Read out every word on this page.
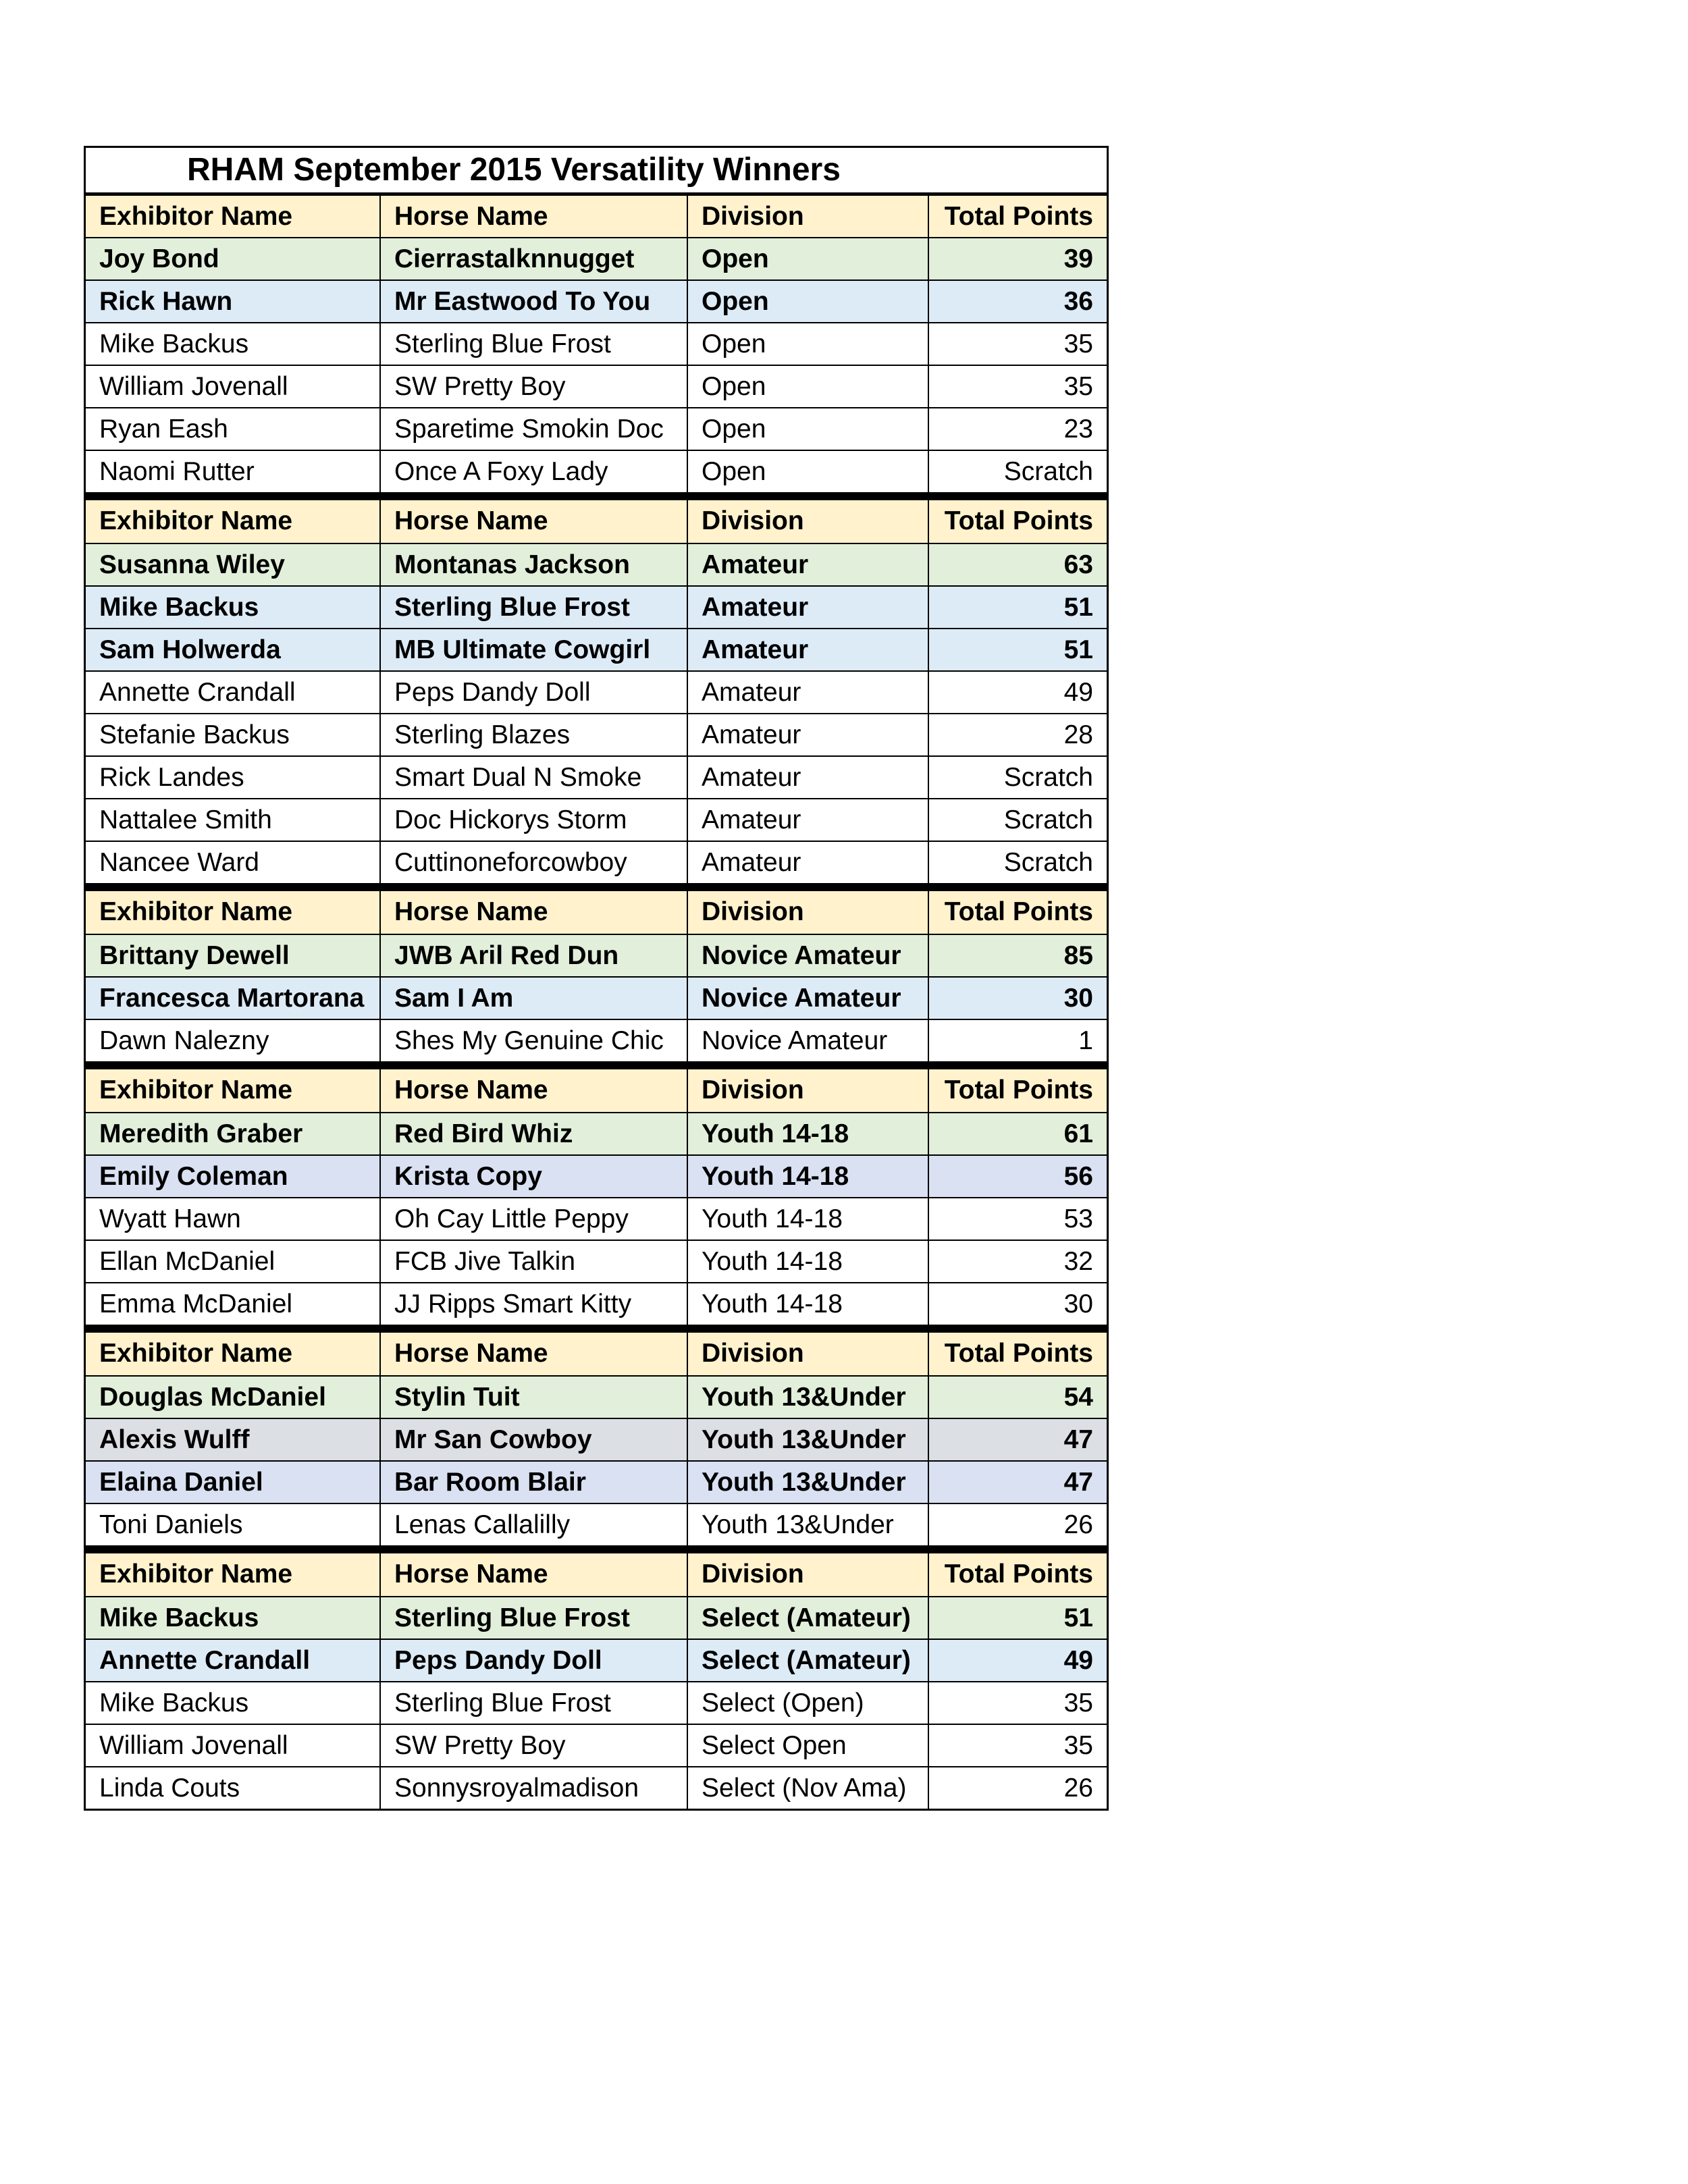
RHAM September 2015 Versatility Winners
Exhibitor Name	Horse Name	Division	Total Points
Joy Bond	Cierrastalknnugget	Open	39
Rick Hawn	Mr Eastwood To You	Open	36
Mike Backus	Sterling Blue Frost	Open	35
William Jovenall	SW Pretty Boy	Open	35
Ryan Eash	Sparetime Smokin Doc	Open	23
Naomi Rutter	Once A Foxy Lady	Open	Scratch
Exhibitor Name	Horse Name	Division	Total Points
Susanna Wiley	Montanas Jackson	Amateur	63
Mike Backus	Sterling Blue Frost	Amateur	51
Sam Holwerda	MB Ultimate Cowgirl	Amateur	51
Annette Crandall	Peps Dandy Doll	Amateur	49
Stefanie Backus	Sterling Blazes	Amateur	28
Rick Landes	Smart Dual N Smoke	Amateur	Scratch
Nattalee Smith	Doc Hickorys Storm	Amateur	Scratch
Nancee Ward	Cuttinoneforcowboy	Amateur	Scratch
Exhibitor Name	Horse Name	Division	Total Points
Brittany Dewell	JWB Aril Red Dun	Novice Amateur	85
Francesca Martorana	Sam I Am	Novice Amateur	30
Dawn Nalezny	Shes My Genuine Chic	Novice Amateur	1
Exhibitor Name	Horse Name	Division	Total Points
Meredith Graber	Red Bird Whiz	Youth 14-18	61
Emily Coleman	Krista Copy	Youth 14-18	56
Wyatt Hawn	Oh Cay Little Peppy	Youth 14-18	53
Ellan McDaniel	FCB Jive Talkin	Youth 14-18	32
Emma McDaniel	JJ Ripps Smart Kitty	Youth 14-18	30
Exhibitor Name	Horse Name	Division	Total Points
Douglas McDaniel	Stylin Tuit	Youth 13&Under	54
Alexis Wulff	Mr San Cowboy	Youth 13&Under	47
Elaina Daniel	Bar Room Blair	Youth 13&Under	47
Toni Daniels	Lenas Callalilly	Youth 13&Under	26
Exhibitor Name	Horse Name	Division	Total Points
Mike Backus	Sterling Blue Frost	Select (Amateur)	51
Annette Crandall	Peps Dandy Doll	Select (Amateur)	49
Mike Backus	Sterling Blue Frost	Select (Open)	35
William Jovenall	SW Pretty Boy	Select Open	35
Linda Couts	Sonnysroyalmadison	Select (Nov Ama)	26
